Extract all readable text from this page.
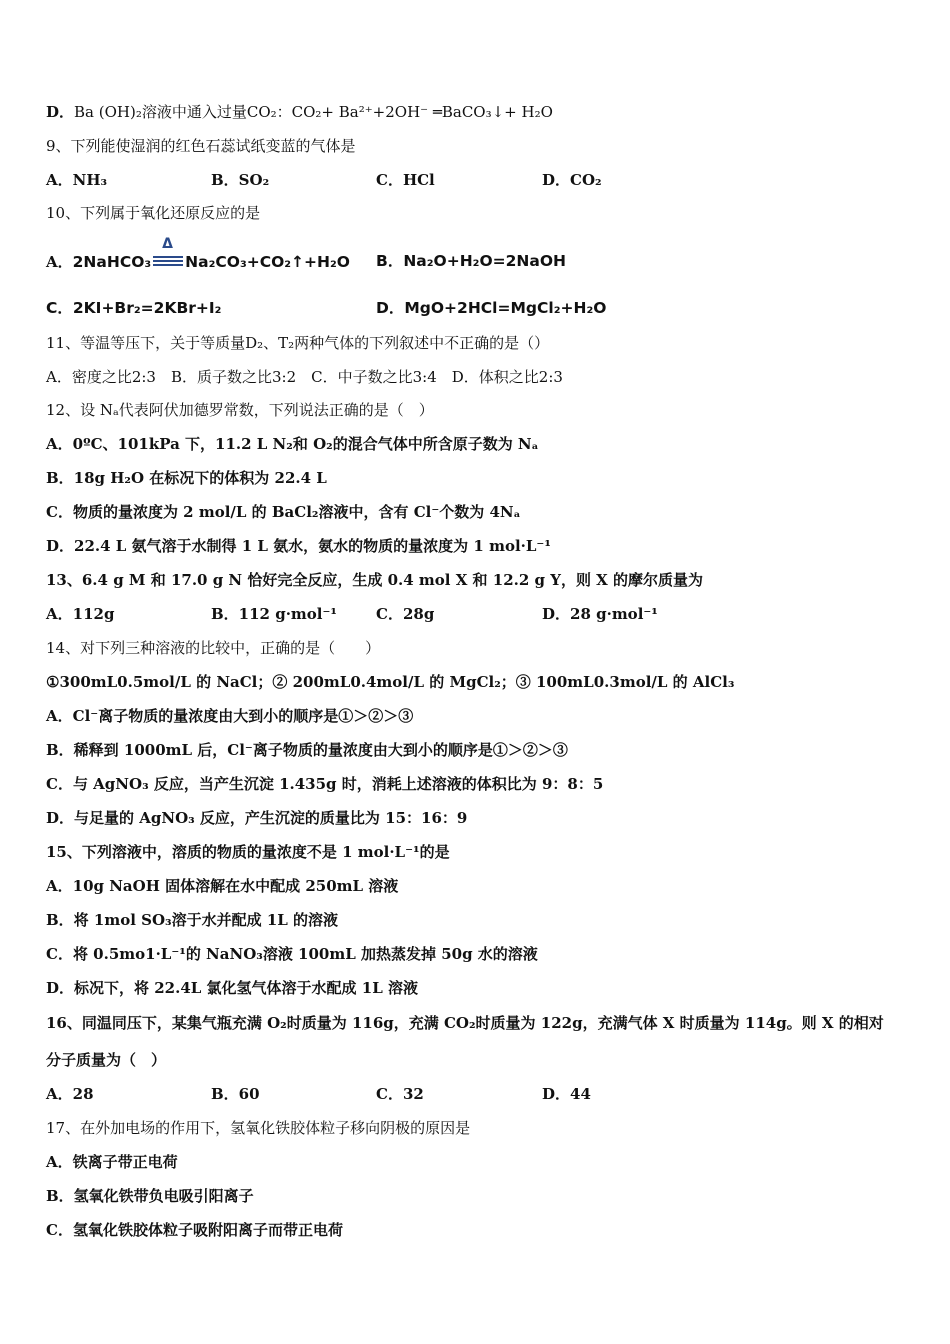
D．Ba (OH)₂溶液中通入过量CO₂：CO₂+ Ba²⁺+2OH⁻ ═BaCO₃↓+ H₂O
9、下列能使湿润的红色石蕊试纸变蓝的气体是
A．NH₃	B．SO₂	C．HCl	D．CO₂
10、下列属于氧化还原反应的是
A．2NaHCO₃
Δ
Na₂CO₃+CO₂↑+H₂O B．Na₂O+H₂O=2NaOH
C．2KI+Br₂=2KBr+I₂	D．MgO+2HCl=MgCl₂+H₂O
11、等温等压下，关于等质量D₂、T₂两种气体的下列叙述中不正确的是（）
A．密度之比2:3　B．质子数之比3:2　C．中子数之比3:4　D．体积之比2:3
12、设 Nₐ代表阿伏加德罗常数，下列说法正确的是（　）
A．0ºC、101kPa 下，11.2 L N₂和 O₂的混合气体中所含原子数为 Nₐ
B．18g H₂O 在标况下的体积为 22.4 L
C．物质的量浓度为 2 mol/L 的 BaCl₂溶液中，含有 Cl⁻个数为 4Nₐ
D．22.4 L 氨气溶于水制得 1 L 氨水，氨水的物质的量浓度为 1 mol·L⁻¹
13、6.4 g M 和 17.0 g N 恰好完全反应，生成 0.4 mol X 和 12.2 g Y，则 X 的摩尔质量为
A．112g	B．112 g·mol⁻¹	C．28g	D．28 g·mol⁻¹
14、对下列三种溶液的比较中，正确的是（　　）
①300mL0.5mol/L 的 NaCl；② 200mL0.4mol/L 的 MgCl₂；③ 100mL0.3mol/L 的 AlCl₃
A．Cl⁻离子物质的量浓度由大到小的顺序是①＞②＞③
B．稀释到 1000mL 后，Cl⁻离子物质的量浓度由大到小的顺序是①＞②＞③
C．与 AgNO₃ 反应，当产生沉淀 1.435g 时，消耗上述溶液的体积比为 9：8：5
D．与足量的 AgNO₃ 反应，产生沉淀的质量比为 15：16：9
15、下列溶液中，溶质的物质的量浓度不是 1 mol·L⁻¹的是
A．10g NaOH 固体溶解在水中配成 250mL 溶液
B．将 1mol SO₃溶于水并配成 1L 的溶液
C．将 0.5mo1·L⁻¹的 NaNO₃溶液 100mL 加热蒸发掉 50g 水的溶液
D．标况下，将 22.4L 氯化氢气体溶于水配成 1L 溶液
16、同温同压下，某集气瓶充满 O₂时质量为 116g，充满 CO₂时质量为 122g，充满气体 X 时质量为 114g。则 X 的相对
分子质量为（　）
A．28	B．60	C．32	D．44
17、在外加电场的作用下，氢氧化铁胶体粒子移向阴极的原因是
A．铁离子带正电荷
B．氢氧化铁带负电吸引阳离子
C．氢氧化铁胶体粒子吸附阳离子而带正电荷
